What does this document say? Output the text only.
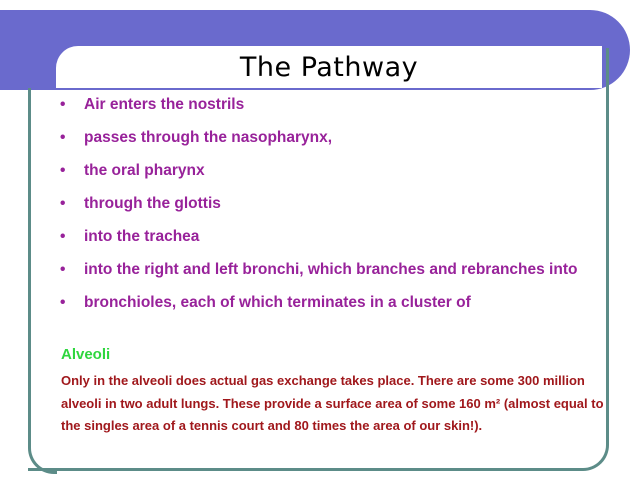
The Pathway
• Air enters the nostrils
• passes through the nasopharynx,
• the oral pharynx
• through the glottis
• into the trachea
• into the right and left bronchi, which branches and rebranches into
• bronchioles, each of which terminates in a cluster of
Alveoli
Only in the alveoli does actual gas exchange takes place. There are some 300 million alveoli in two adult lungs. These provide a surface area of some 160 m² (almost equal to the singles area of a tennis court and 80 times the area of our skin!).
